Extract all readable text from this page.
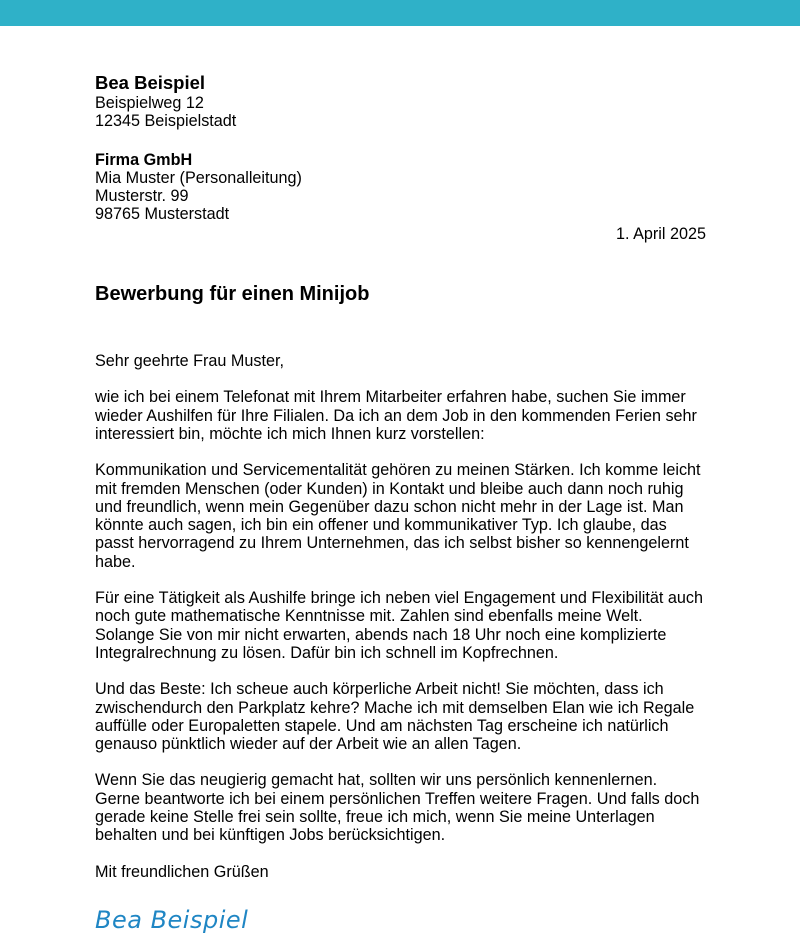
Bea Beispiel
Beispielweg 12
12345 Beispielstadt
Firma GmbH
Mia Muster (Personalleitung)
Musterstr. 99
98765 Musterstadt
1. April 2025
Bewerbung für einen Minijob
Sehr geehrte Frau Muster,
wie ich bei einem Telefonat mit Ihrem Mitarbeiter erfahren habe, suchen Sie immer wieder Aushilfen für Ihre Filialen. Da ich an dem Job in den kommenden Ferien sehr interessiert bin, möchte ich mich Ihnen kurz vorstellen:
Kommunikation und Servicementalität gehören zu meinen Stärken. Ich komme leicht mit fremden Menschen (oder Kunden) in Kontakt und bleibe auch dann noch ruhig und freundlich, wenn mein Gegenüber dazu schon nicht mehr in der Lage ist. Man könnte auch sagen, ich bin ein offener und kommunikativer Typ. Ich glaube, das passt hervorragend zu Ihrem Unternehmen, das ich selbst bisher so kennengelernt habe.
Für eine Tätigkeit als Aushilfe bringe ich neben viel Engagement und Flexibilität auch noch gute mathematische Kenntnisse mit. Zahlen sind ebenfalls meine Welt. Solange Sie von mir nicht erwarten, abends nach 18 Uhr noch eine komplizierte Integralrechnung zu lösen. Dafür bin ich schnell im Kopfrechnen.
Und das Beste: Ich scheue auch körperliche Arbeit nicht! Sie möchten, dass ich zwischendurch den Parkplatz kehre? Mache ich mit demselben Elan wie ich Regale auffülle oder Europaletten stapele. Und am nächsten Tag erscheine ich natürlich genauso pünktlich wieder auf der Arbeit wie an allen Tagen.
Wenn Sie das neugierig gemacht hat, sollten wir uns persönlich kennenlernen. Gerne beantworte ich bei einem persönlichen Treffen weitere Fragen. Und falls doch gerade keine Stelle frei sein sollte, freue ich mich, wenn Sie meine Unterlagen behalten und bei künftigen Jobs berücksichtigen.
Mit freundlichen Grüßen
Bea Beispiel
